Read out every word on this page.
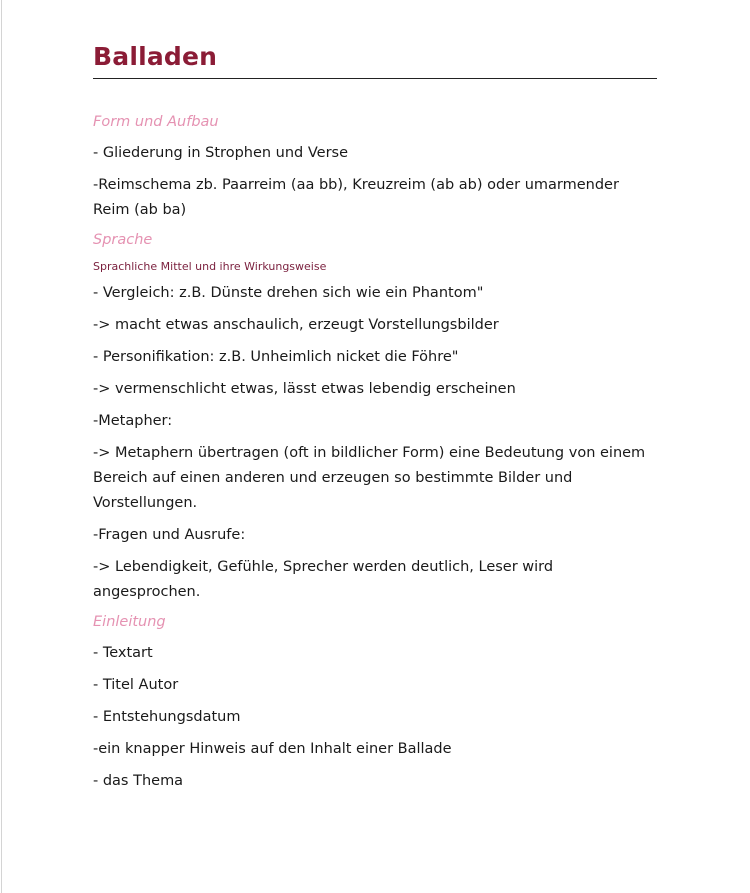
Balladen
Form und Aufbau
- Gliederung in Strophen und Verse
-Reimschema zb. Paarreim (aa bb), Kreuzreim (ab ab) oder umarmender Reim (ab ba)
Sprache
Sprachliche Mittel und ihre Wirkungsweise
- Vergleich: z.B. Dünste drehen sich wie ein Phantom"
-> macht etwas anschaulich, erzeugt Vorstellungsbilder
- Personifikation: z.B. Unheimlich nicket die Föhre"
-> vermenschlicht etwas, lässt etwas lebendig erscheinen
-Metapher:
-> Metaphern übertragen (oft in bildlicher Form) eine Bedeutung von einem Bereich auf einen anderen und erzeugen so bestimmte Bilder und Vorstellungen.
-Fragen und Ausrufe:
-> Lebendigkeit, Gefühle, Sprecher werden deutlich, Leser wird angesprochen.
Einleitung
- Textart
- Titel Autor
- Entstehungsdatum
-ein knapper Hinweis auf den Inhalt einer Ballade
- das Thema
